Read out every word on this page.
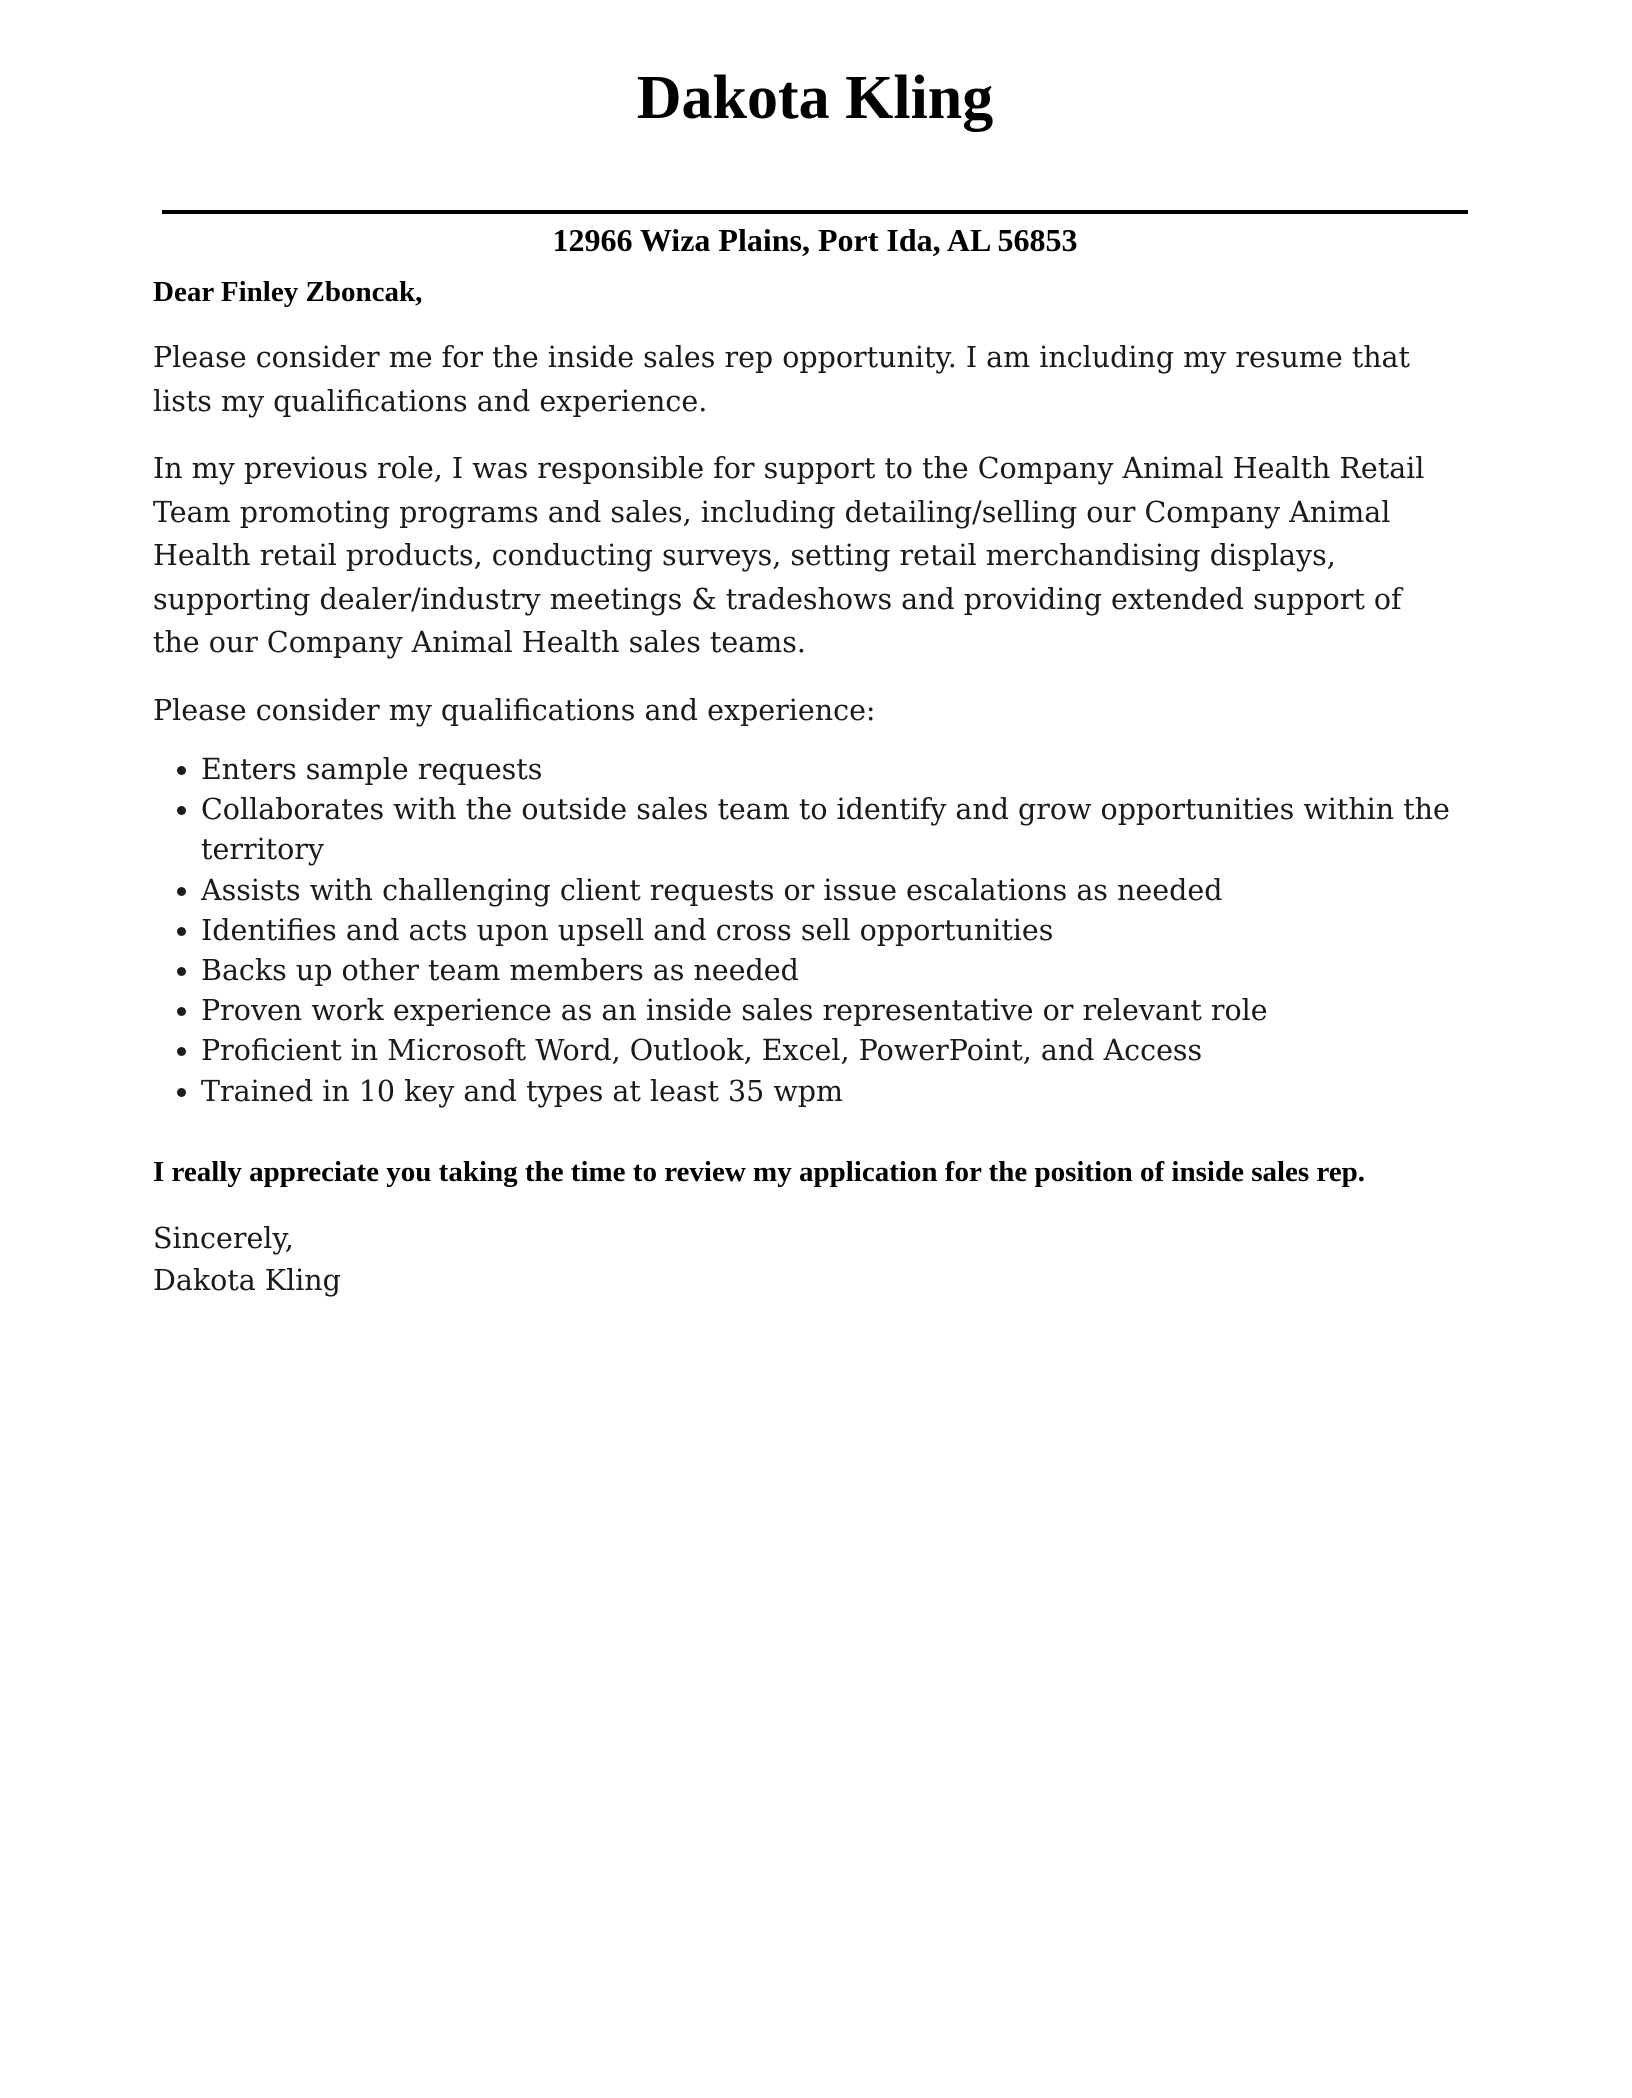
Dakota Kling

12966 Wiza Plains, Port Ida, AL 56853

Dear Finley Zboncak,

Please consider me for the inside sales rep opportunity. I am including my resume that lists my qualifications and experience.

In my previous role, I was responsible for support to the Company Animal Health Retail Team promoting programs and sales, including detailing/selling our Company Animal Health retail products, conducting surveys, setting retail merchandising displays, supporting dealer/industry meetings & tradeshows and providing extended support of the our Company Animal Health sales teams.

Please consider my qualifications and experience:

• Enters sample requests
• Collaborates with the outside sales team to identify and grow opportunities within the territory
• Assists with challenging client requests or issue escalations as needed
• Identifies and acts upon upsell and cross sell opportunities
• Backs up other team members as needed
• Proven work experience as an inside sales representative or relevant role
• Proficient in Microsoft Word, Outlook, Excel, PowerPoint, and Access
• Trained in 10 key and types at least 35 wpm

I really appreciate you taking the time to review my application for the position of inside sales rep.

Sincerely,
Dakota Kling
